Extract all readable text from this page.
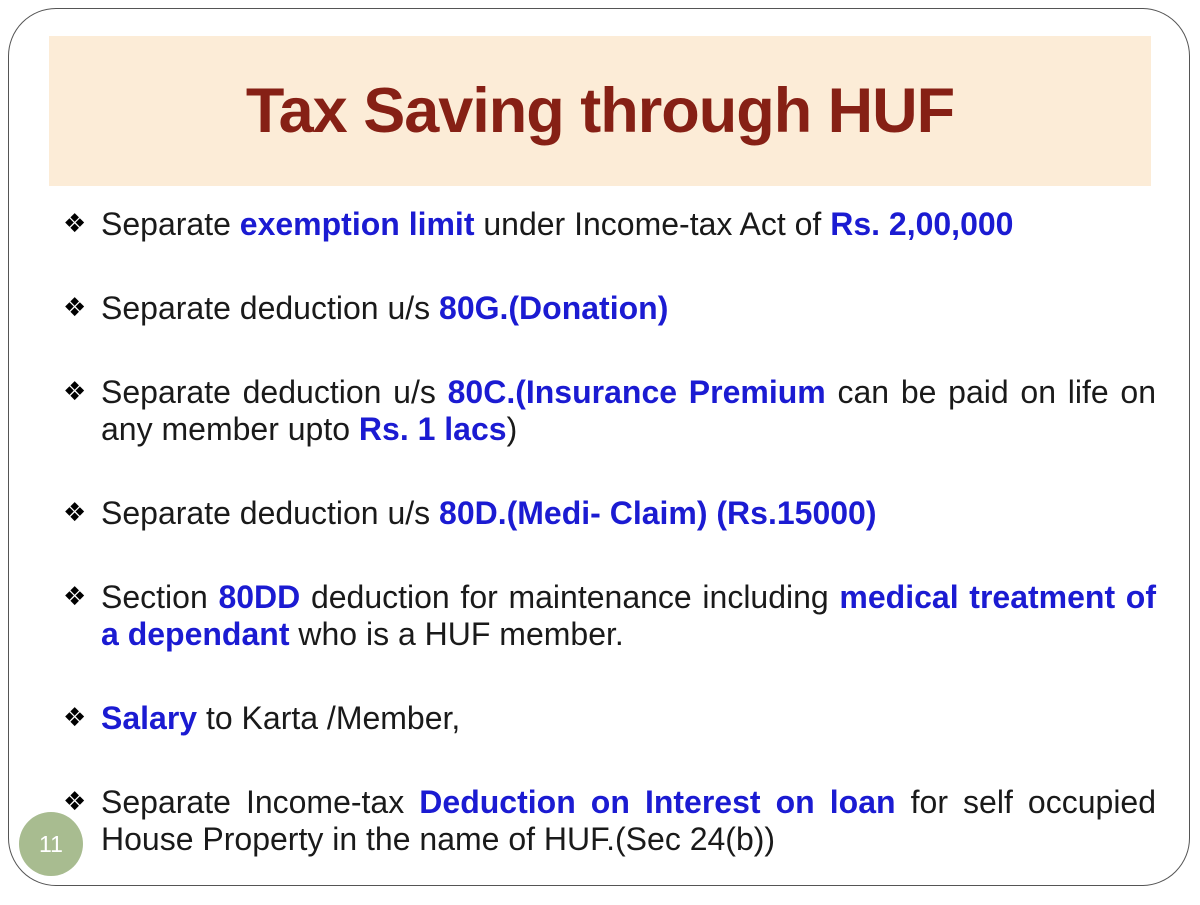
Tax Saving through HUF
❖ Separate exemption limit under Income-tax Act of Rs. 2,00,000
❖ Separate deduction u/s 80G.(Donation)
❖ Separate deduction u/s 80C.(Insurance Premium can be paid on life on any member upto Rs. 1 lacs)
❖ Separate deduction u/s 80D.(Medi- Claim) (Rs.15000)
❖ Section 80DD deduction for maintenance including medical treatment of a dependant who is a HUF member.
❖ Salary to Karta /Member,
❖ Separate Income-tax Deduction on Interest on loan for self occupied House Property in the name of HUF.(Sec 24(b))
11
